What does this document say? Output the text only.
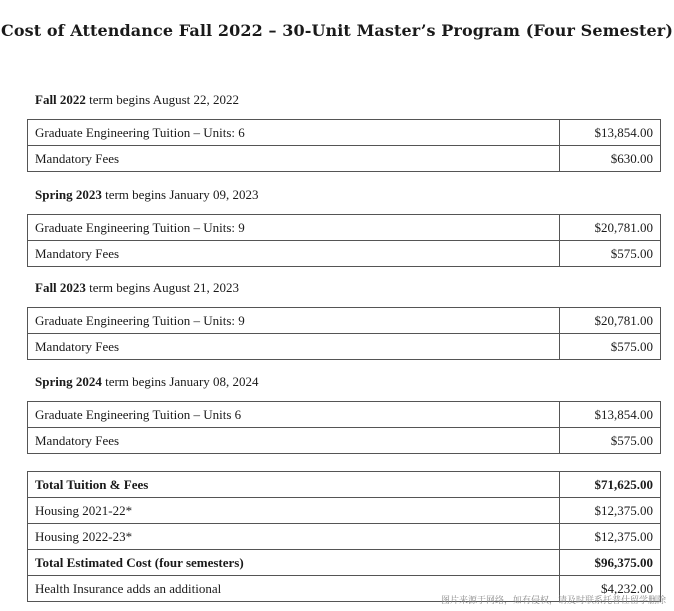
Cost of Attendance Fall 2022 – 30-Unit Master’s Program (Four Semester)
Fall 2022 term begins August 22, 2022
Graduate Engineering Tuition – Units: 6	$13,854.00
Mandatory Fees	$630.00
Spring 2023 term begins January 09, 2023
Graduate Engineering Tuition – Units: 9	$20,781.00
Mandatory Fees	$575.00
Fall 2023 term begins August 21, 2023
Graduate Engineering Tuition – Units: 9	$20,781.00
Mandatory Fees	$575.00
Spring 2024 term begins January 08, 2024
Graduate Engineering Tuition – Units 6	$13,854.00
Mandatory Fees	$575.00
Total Tuition & Fees	$71,625.00
Housing 2021-22*	$12,375.00
Housing 2022-23*	$12,375.00
Total Estimated Cost (four semesters)	$96,375.00
Health Insurance adds an additional	$4,232.00
图片来源于网络，如有侵权，请及时联系托普仕留学删除
